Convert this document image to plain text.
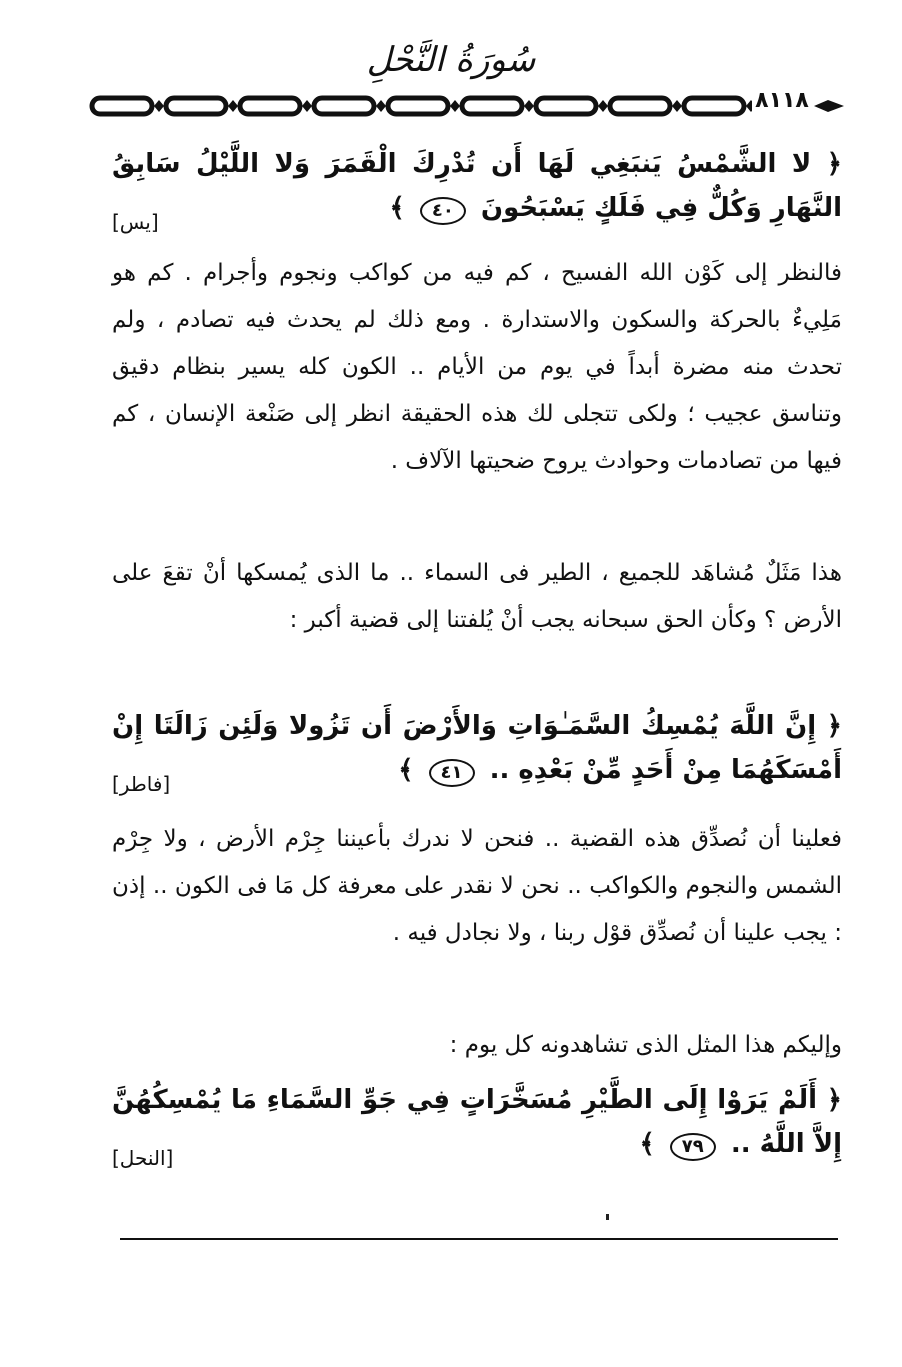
سُورَةُ النَّحْلِ
٨١١٨
﴿ لا الشَّمْسُ يَنبَغِي لَهَا أَن تُدْرِكَ الْقَمَرَ وَلا اللَّيْلُ سَابِقُ النَّهَارِ وَكُلٌّ فِي فَلَكٍ يَسْبَحُونَ ٤٠ ﴾
[يس]
فالنظر إلى كَوْن الله الفسيح ، كم فيه من كواكب ونجوم وأجرام . كم هو مَلِيءٌ بالحركة والسكون والاستدارة . ومع ذلك لم يحدث فيه تصادم ، ولم تحدث منه مضرة أبداً في يوم من الأيام .. الكون كله يسير بنظام دقيق وتناسق عجيب ؛ ولكى تتجلى لك هذه الحقيقة انظر إلى صَنْعة الإنسان ، كم فيها من تصادمات وحوادث يروح ضحيتها الآلاف .
هذا مَثَلٌ مُشاهَد للجميع ، الطير فى السماء .. ما الذى يُمسكها أنْ تقعَ على الأرض ؟ وكأن الحق سبحانه يجب أنْ يُلفتنا إلى قضية أكبر :
﴿ إِنَّ اللَّهَ يُمْسِكُ السَّمَـٰوَاتِ وَالأَرْضَ أَن تَزُولا وَلَئِن زَالَتَا إِنْ أَمْسَكَهُمَا مِنْ أَحَدٍ مِّنْ بَعْدِهِ .. ٤١ ﴾
[فاطر]
فعلينا أن نُصدِّق هذه القضية .. فنحن لا ندرك بأعيننا جِرْم الأرض ، ولا جِرْم الشمس والنجوم والكواكب .. نحن لا نقدر على معرفة كل مَا فى الكون .. إذن : يجب علينا أن نُصدِّق قوْل ربنا ، ولا نجادل فيه .
وإليكم هذا المثل الذى تشاهدونه كل يوم :
﴿ أَلَمْ يَرَوْا إِلَى الطَّيْرِ مُسَخَّرَاتٍ فِي جَوِّ السَّمَاءِ مَا يُمْسِكُهُنَّ إِلاَّ اللَّهُ .. ٧٩ ﴾
[النحل]
